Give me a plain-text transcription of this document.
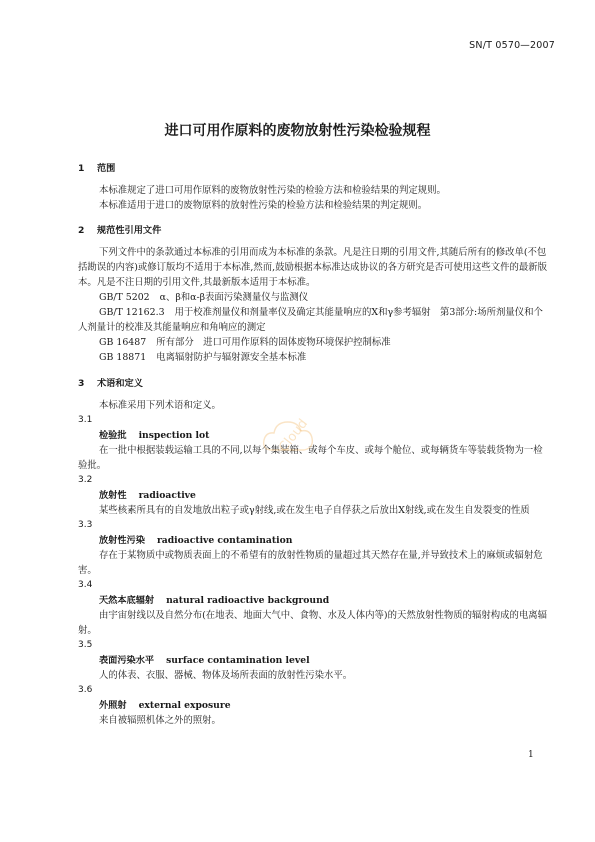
SN/T 0570—2007
进口可用作原料的废物放射性污染检验规程
1 范围
本标准规定了进口可用作原料的废物放射性污染的检验方法和检验结果的判定规则。
本标准适用于进口的废物原料的放射性污染的检验方法和检验结果的判定规则。
2 规范性引用文件
下列文件中的条款通过本标准的引用而成为本标准的条款。凡是注日期的引用文件,其随后所有的修改单(不包括勘误的内容)或修订版均不适用于本标准,然而,鼓励根据本标准达成协议的各方研究是否可使用这些文件的最新版本。凡是不注日期的引用文件,其最新版本适用于本标准。
GB/T 5202 α、β和α-β表面污染测量仪与监测仪
GB/T 12162.3 用于校准剂量仪和剂量率仪及确定其能量响应的X和γ参考辐射　第3部分:场所剂量仪和个人剂量计的校准及其能量响应和角响应的测定
GB 16487 所有部分　进口可用作原料的固体废物环境保护控制标准
GB 18871 电离辐射防护与辐射源安全基本标准
3 术语和定义
本标准采用下列术语和定义。
3.1
检验批 inspection lot
在一批中根据装载运输工具的不同,以每个集装箱、或每个车皮、或每个舱位、或每辆货车等装载货物为一检验批。
3.2
放射性 radioactive
某些核素所具有的自发地放出粒子或γ射线,或在发生电子自俘获之后放出X射线,或在发生自发裂变的性质
3.3
放射性污染 radioactive contamination
存在于某物质中或物质表面上的不希望有的放射性物质的量超过其天然存在量,并导致技术上的麻烦或辐射危害。
3.4
天然本底辐射 natural radioactive background
由宇宙射线以及自然分布(在地表、地面大气中、食物、水及人体内等)的天然放射性物质的辐射构成的电离辐射。
3.5
表面污染水平 surface contamination level
人的体表、衣服、器械、物体及场所表面的放射性污染水平。
3.6
外照射 external exposure
来自被辐照机体之外的照射。
Cloud
1
